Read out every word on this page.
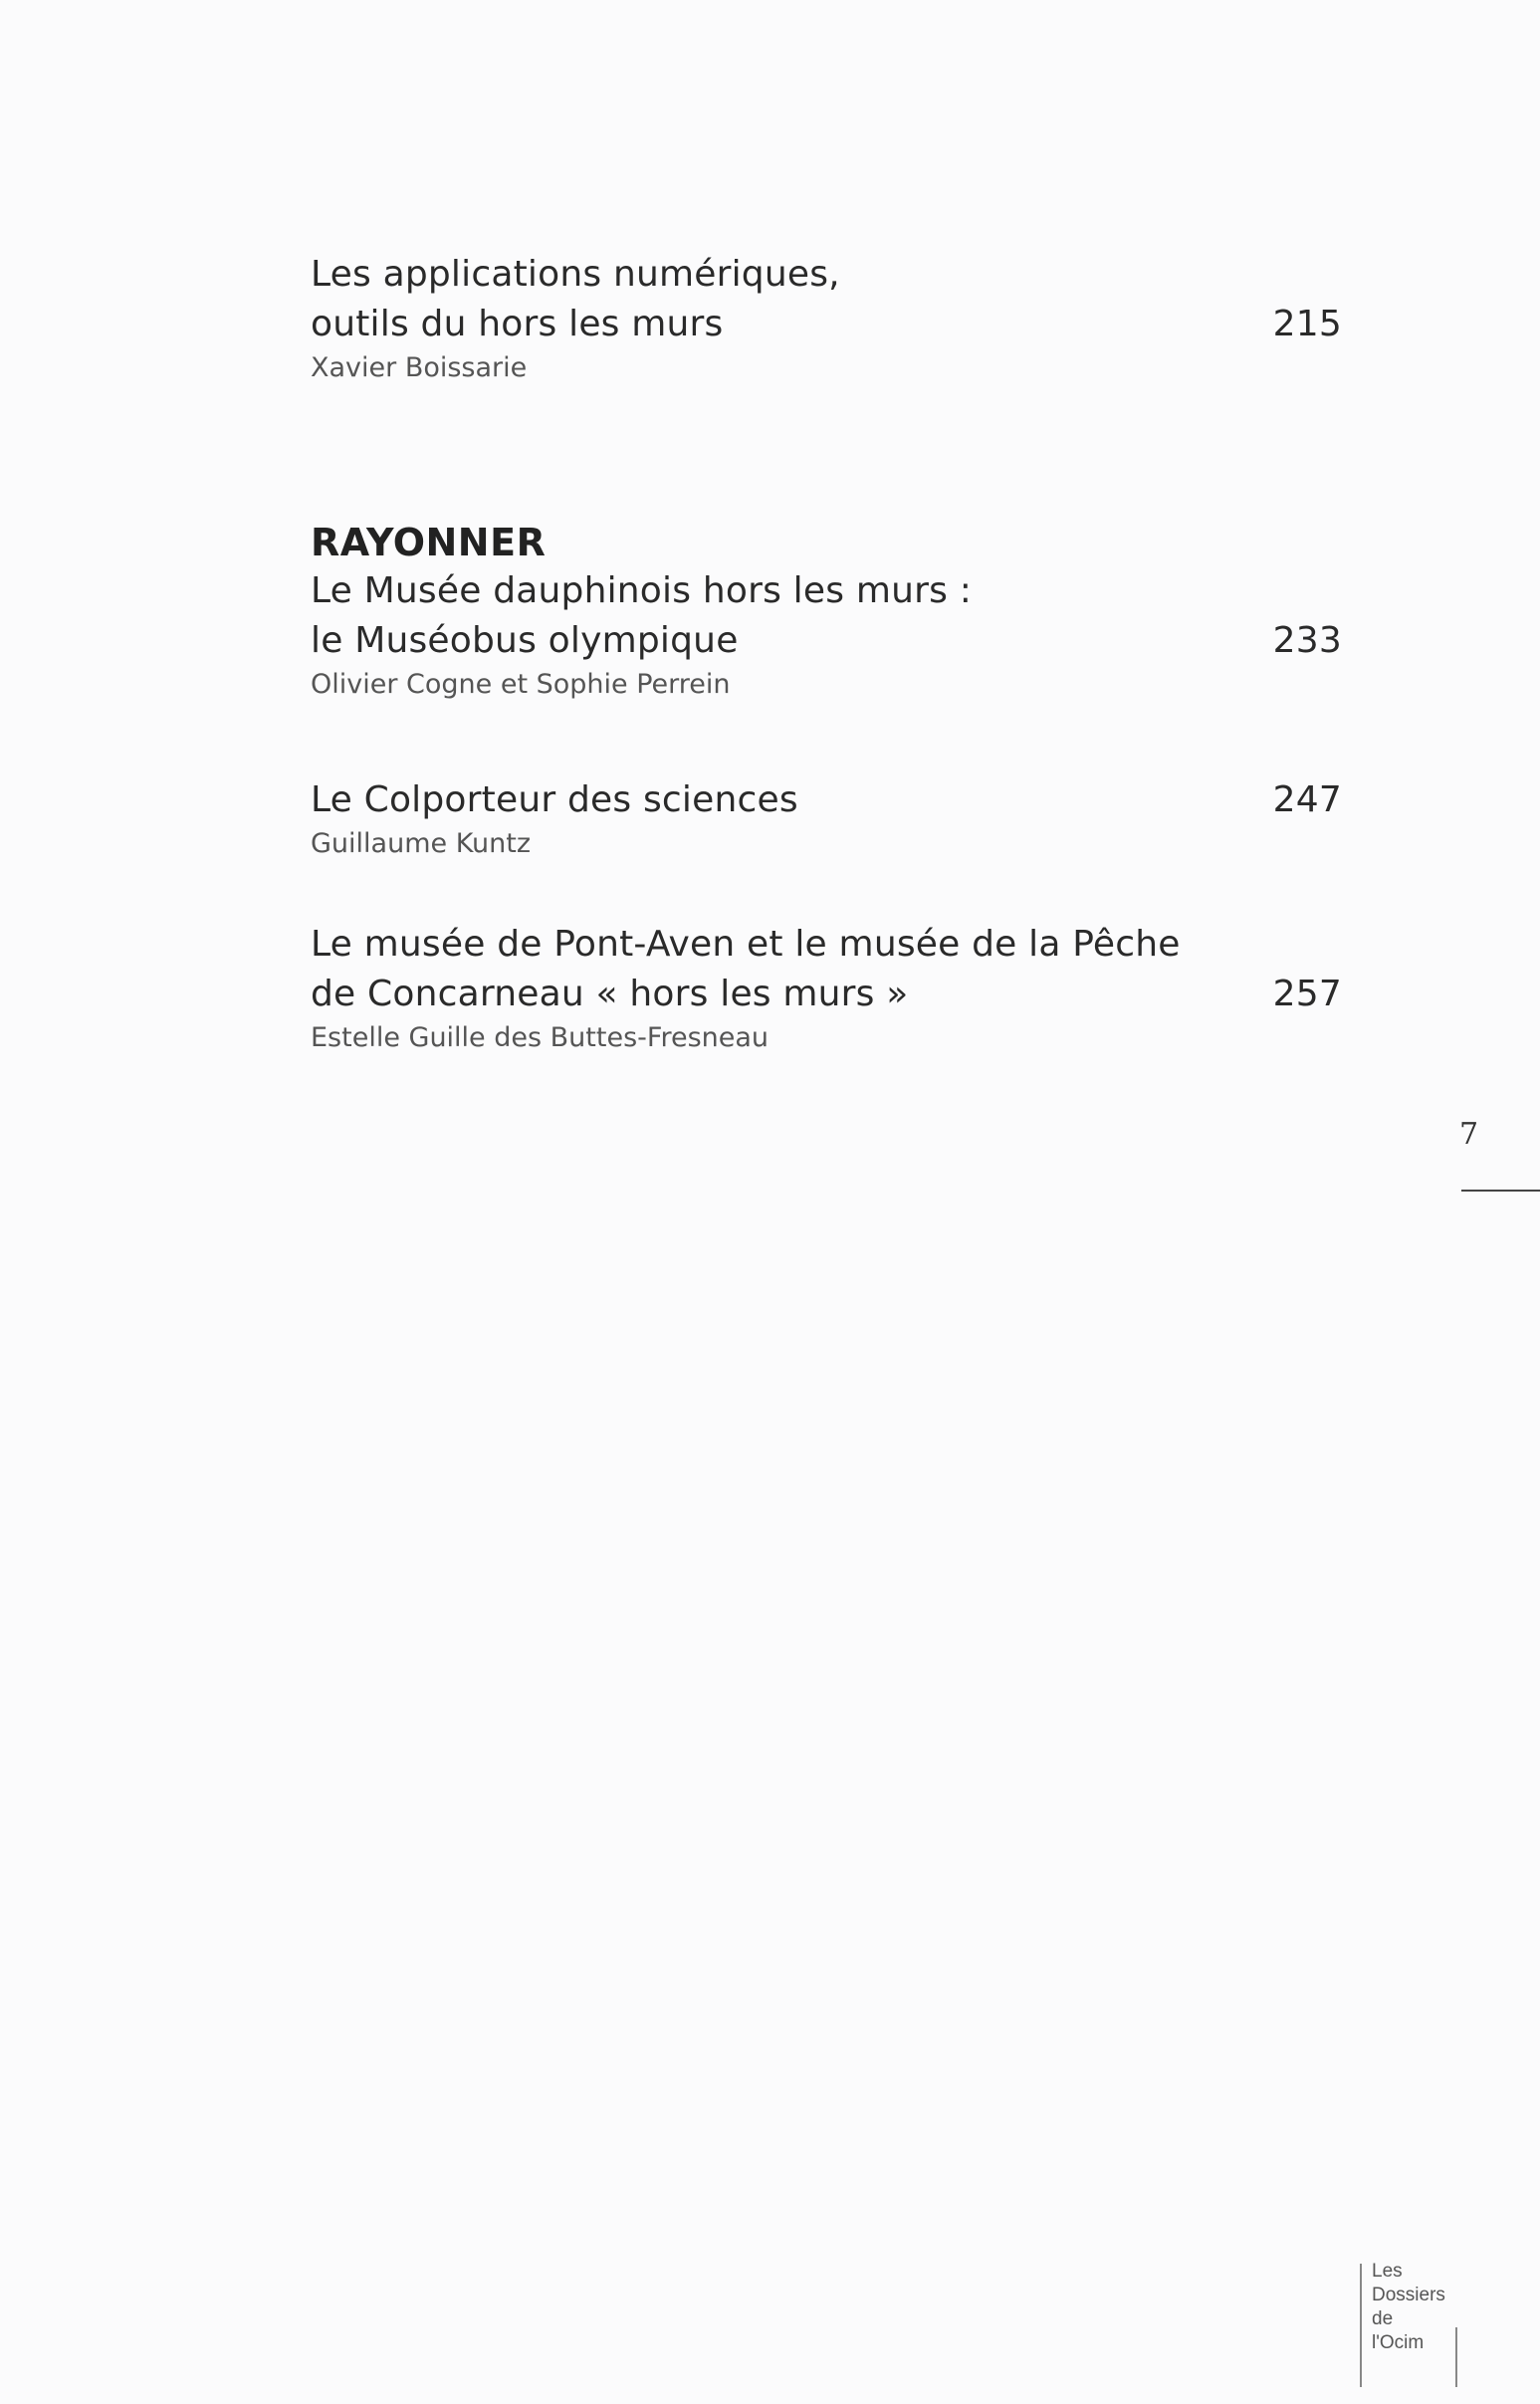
Les applications numériques,
outils du hors les murs	215
Xavier Boissarie
RAYONNER
Le Musée dauphinois hors les murs :
le Muséobus olympique	233
Olivier Cogne et Sophie Perrein
Le Colporteur des sciences	247
Guillaume Kuntz
Le musée de Pont-Aven et le musée de la Pêche
de Concarneau « hors les murs »	257
Estelle Guille des Buttes-Fresneau
7
Les
Dossiers
de
l'Ocim
